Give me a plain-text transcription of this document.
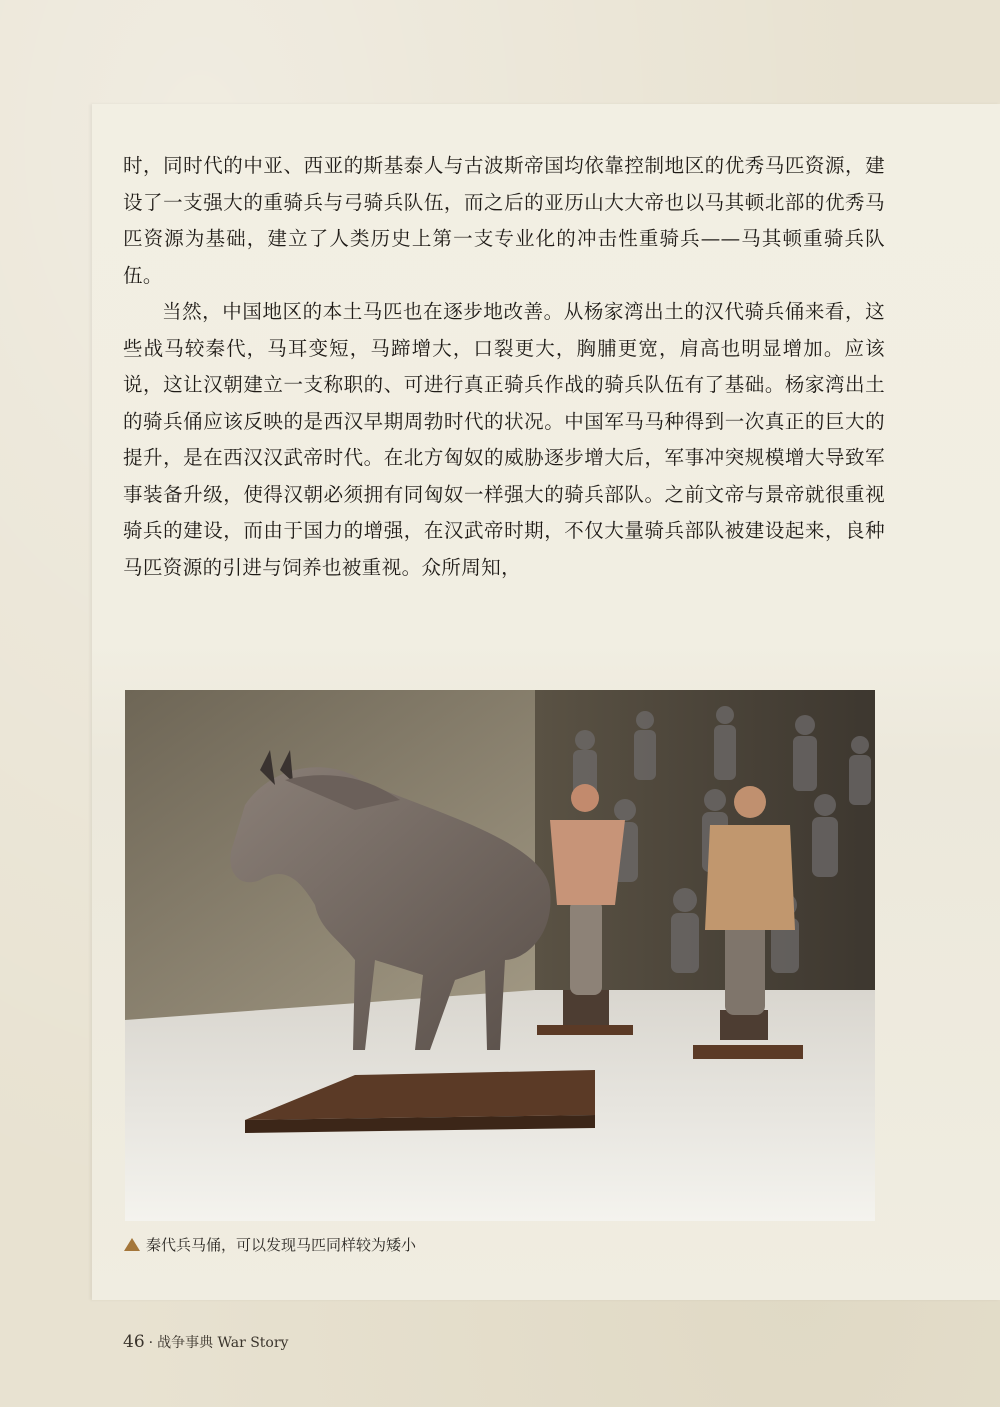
时，同时代的中亚、西亚的斯基泰人与古波斯帝国均依靠控制地区的优秀马匹资源，建设了一支强大的重骑兵与弓骑兵队伍，而之后的亚历山大大帝也以马其顿北部的优秀马匹资源为基础，建立了人类历史上第一支专业化的冲击性重骑兵——马其顿重骑兵队伍。

当然，中国地区的本土马匹也在逐步地改善。从杨家湾出土的汉代骑兵俑来看，这些战马较秦代，马耳变短，马蹄增大，口裂更大，胸脯更宽，肩高也明显增加。应该说，这让汉朝建立一支称职的、可进行真正骑兵作战的骑兵队伍有了基础。杨家湾出土的骑兵俑应该反映的是西汉早期周勃时代的状况。中国军马马种得到一次真正的巨大的提升，是在西汉汉武帝时代。在北方匈奴的威胁逐步增大后，军事冲突规模增大导致军事装备升级，使得汉朝必须拥有同匈奴一样强大的骑兵部队。之前文帝与景帝就很重视骑兵的建设，而由于国力的增强，在汉武帝时期，不仅大量骑兵部队被建设起来，良种马匹资源的引进与饲养也被重视。众所周知，

秦代兵马俑，可以发现马匹同样较为矮小
46 · 战争事典 War Story
